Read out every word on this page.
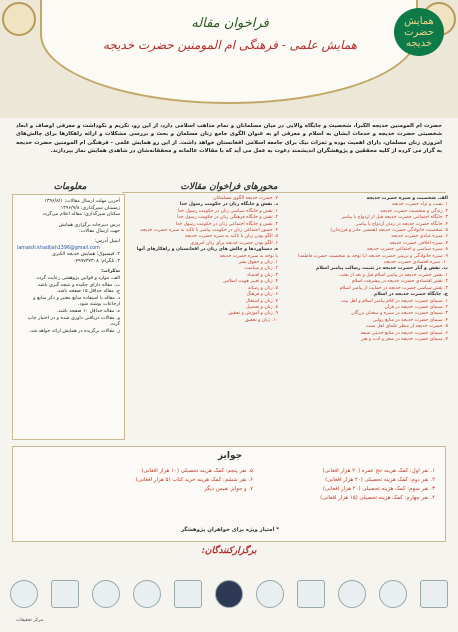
همایش حضرت خدیجه
فراخوان مقاله
همایش علمی - فرهنگی ام المومنین حضرت خدیجه
حضرت ام المومنین خدیجه الکبرا، شخصیت و جایگاه والایی در میان مسلمانان و تمام مذاهب اسلامی دارد، از این رو، تکریم و نکوداشت و معرفی اوصاف و ابعاد شخصیتی حضرت خدیجه و خدمات ایشان به اسلام و معرفی او به عنوان الگوی جامع زنان مسلمان و بحث و بررسی مشکلات و ارائه راهکارها برای چالش‌های امروزی زنان مسلمان، دارای اهمیت بوده و ثمرات نیک برای جامعه اسلامی افغانستان خواهد داشت. از این رو همایش علمی - فرهنگی ام المومنین حضرت خدیجه به گزار می کرده از کلیه محققین و پژوهشگران اندیشمند دعوت به عمل می آید که با مقالات عالمانه و محققانه‌شان در شاهدی همایش نماز بپردازند.
محورهای فراخوان مقالات
معلومات
الف. شخصیت و سیره حضرت خدیجه
۱. نسب و نژاد حضرت خدیجه
۲. زندگی و شخصیت حضرت خدیجه
۳. جایگاه اجتماعی حضرت خدیجه قبل از ازدواج با پیامبر
۴. جایگاه حضرت خدیجه در زمان ازدواج با پیامبر
۵. شخصیت خانوادگی حضرت خدیجه (همسر، مادر و فرزندان)
۶. سیره عبادی حضرت خدیجه
۷. سیره اخلاقی حضرت خدیجه
۸. سیره سیاسی و اجتماعی حضرت خدیجه
۹. سیره خانوادگی و تربیتی حضرت خدیجه (با توجه به شخصیت حضرت فاطمه)
۱۰. سیره اقتصادی حضرت خدیجه
ب. نقش و آثار حضرت خدیجه در تثبیت رسالت پیامبر اسلام
۱. نقش حضرت خدیجه در پیامبر اسلام قبل و بعد از بعثت
۲. نقش اقتصادی حضرت خدیجه در پیشرفت اسلام
۳. نقش سیاسی حضرت خدیجه در حمایت از پیامبر اسلام
ج. جایگاه حضرت خدیجه در اسلام
۱. سیمای حضرت خدیجه در کلام پیامبر اسلام و اهل بیت
۲. سیمای حضرت خدیجه در قرآن
۳. سیمای حضرت خدیجه در سیره و سخنان بزرگان
۴. سیمای حضرت خدیجه در منابع روایی
۵. حضرت خدیجه از منظر علمای اهل سنت
۶. سیمای حضرت خدیجه در منابع حدیثی شیعه
۷. سیمای حضرت خدیجه در شعر و ادب و هنر
۷. حضرت خدیجه الگوی مسلمانان
د. نقش و جایگاه زنان در حکومت رسول خدا
۱. نقش و جایگاه سیاسی زنان در حکومت رسول خدا
۲. نقش و جایگاه فرهنگی زنان در حکومت رسول خدا
۳. نقش و جایگاه اجتماعی زنان در حکومت رسول خدا
۴. حضور اجتماعی زنان در حکومت پیامبر با تاکید به سیره حضرت خدیجه
۵. الگو بودن زنان با تاکید به سیره حضرت خدیجه
۶. الگو بودن حضرت خدیجه برای زنان امروزی
ه. دستاوردها و چالش های زنان در افغانستان و راهکارهای آنها
با توجه به سیره حضرت خدیجه
۱. زنان و حقوق بشر
۲. زنان و سیاست
۳. زنان و اقتصاد
۴. زنان و تغییر هویت اسلامی
۵. زنان و رسانه
۶. زنان و فرهنگ
۷. زنان و اشتغال
۸. زنان و تحصیل
۹. زنان و آموزش و تحقیق
۱۰. زنان و تحقیق
آخرین مهلت ارسال مقالات: ۱۳۹۶/۸/۱
زمستان سپرگذاری: ۱۳۹۶/۹/۸
سکنان سپرگذاری: مقاله اعلام می‌گردد
درس دبیرخانه برگزاری همایش
جهت ارسال مقالات:
ایمیل آدرس:
lamaish.khadijah1396@gmail.com
۲. فیسبوک: همایش خدیجه الکبری
۳. تلگرام: ۰۷۹۹۷۳۷۳۰۸
تذکرات:
الف. موارد و قوانین پژوهشی رعایت گردد.
ب. مقاله دارای چکیده و نتیجه گیری باشد.
ج. مقاله حداقل ۱۵ صفحه باشد.
د. مقاله با استفاده منابع معتبر و ذکر منابع و ارجاعات نوشته شود.
ه. مقاله حداقل ۱۰ صفحه باشد.
و. مقالات دریافتی داوری شده و در اختیار چاپ گردد.
ز. مقالات برگزیده در همایش ارائه خواهد شد.
جوایز
۱. نفر اول: کمک هزینه حج عمره (۲۰ هزار افغانی)
۲. نفر دوم: کمک هزینه تحصیلی (۲۰ هزار افغانی)
۳. نفر سوم: کمک هزینه تحصیلی (۲۰ هزار افغانی)
۴. نفر چهارم: کمک هزینه تحصیلی (۱۵ هزار افغانی)
۵. نفر پنجم: کمک هزینه تحصیلی (۱۰ هزار افغانی)
۶. نفر ششم: کمک هزینه خرید کتاب (۵ هزار افغانی)
۷. و جوایز نفیس دیگر
* امتیاز ویژه برای خواهران پژوهشگر
برگزارکنندگان:
مرکز تحقیقات
